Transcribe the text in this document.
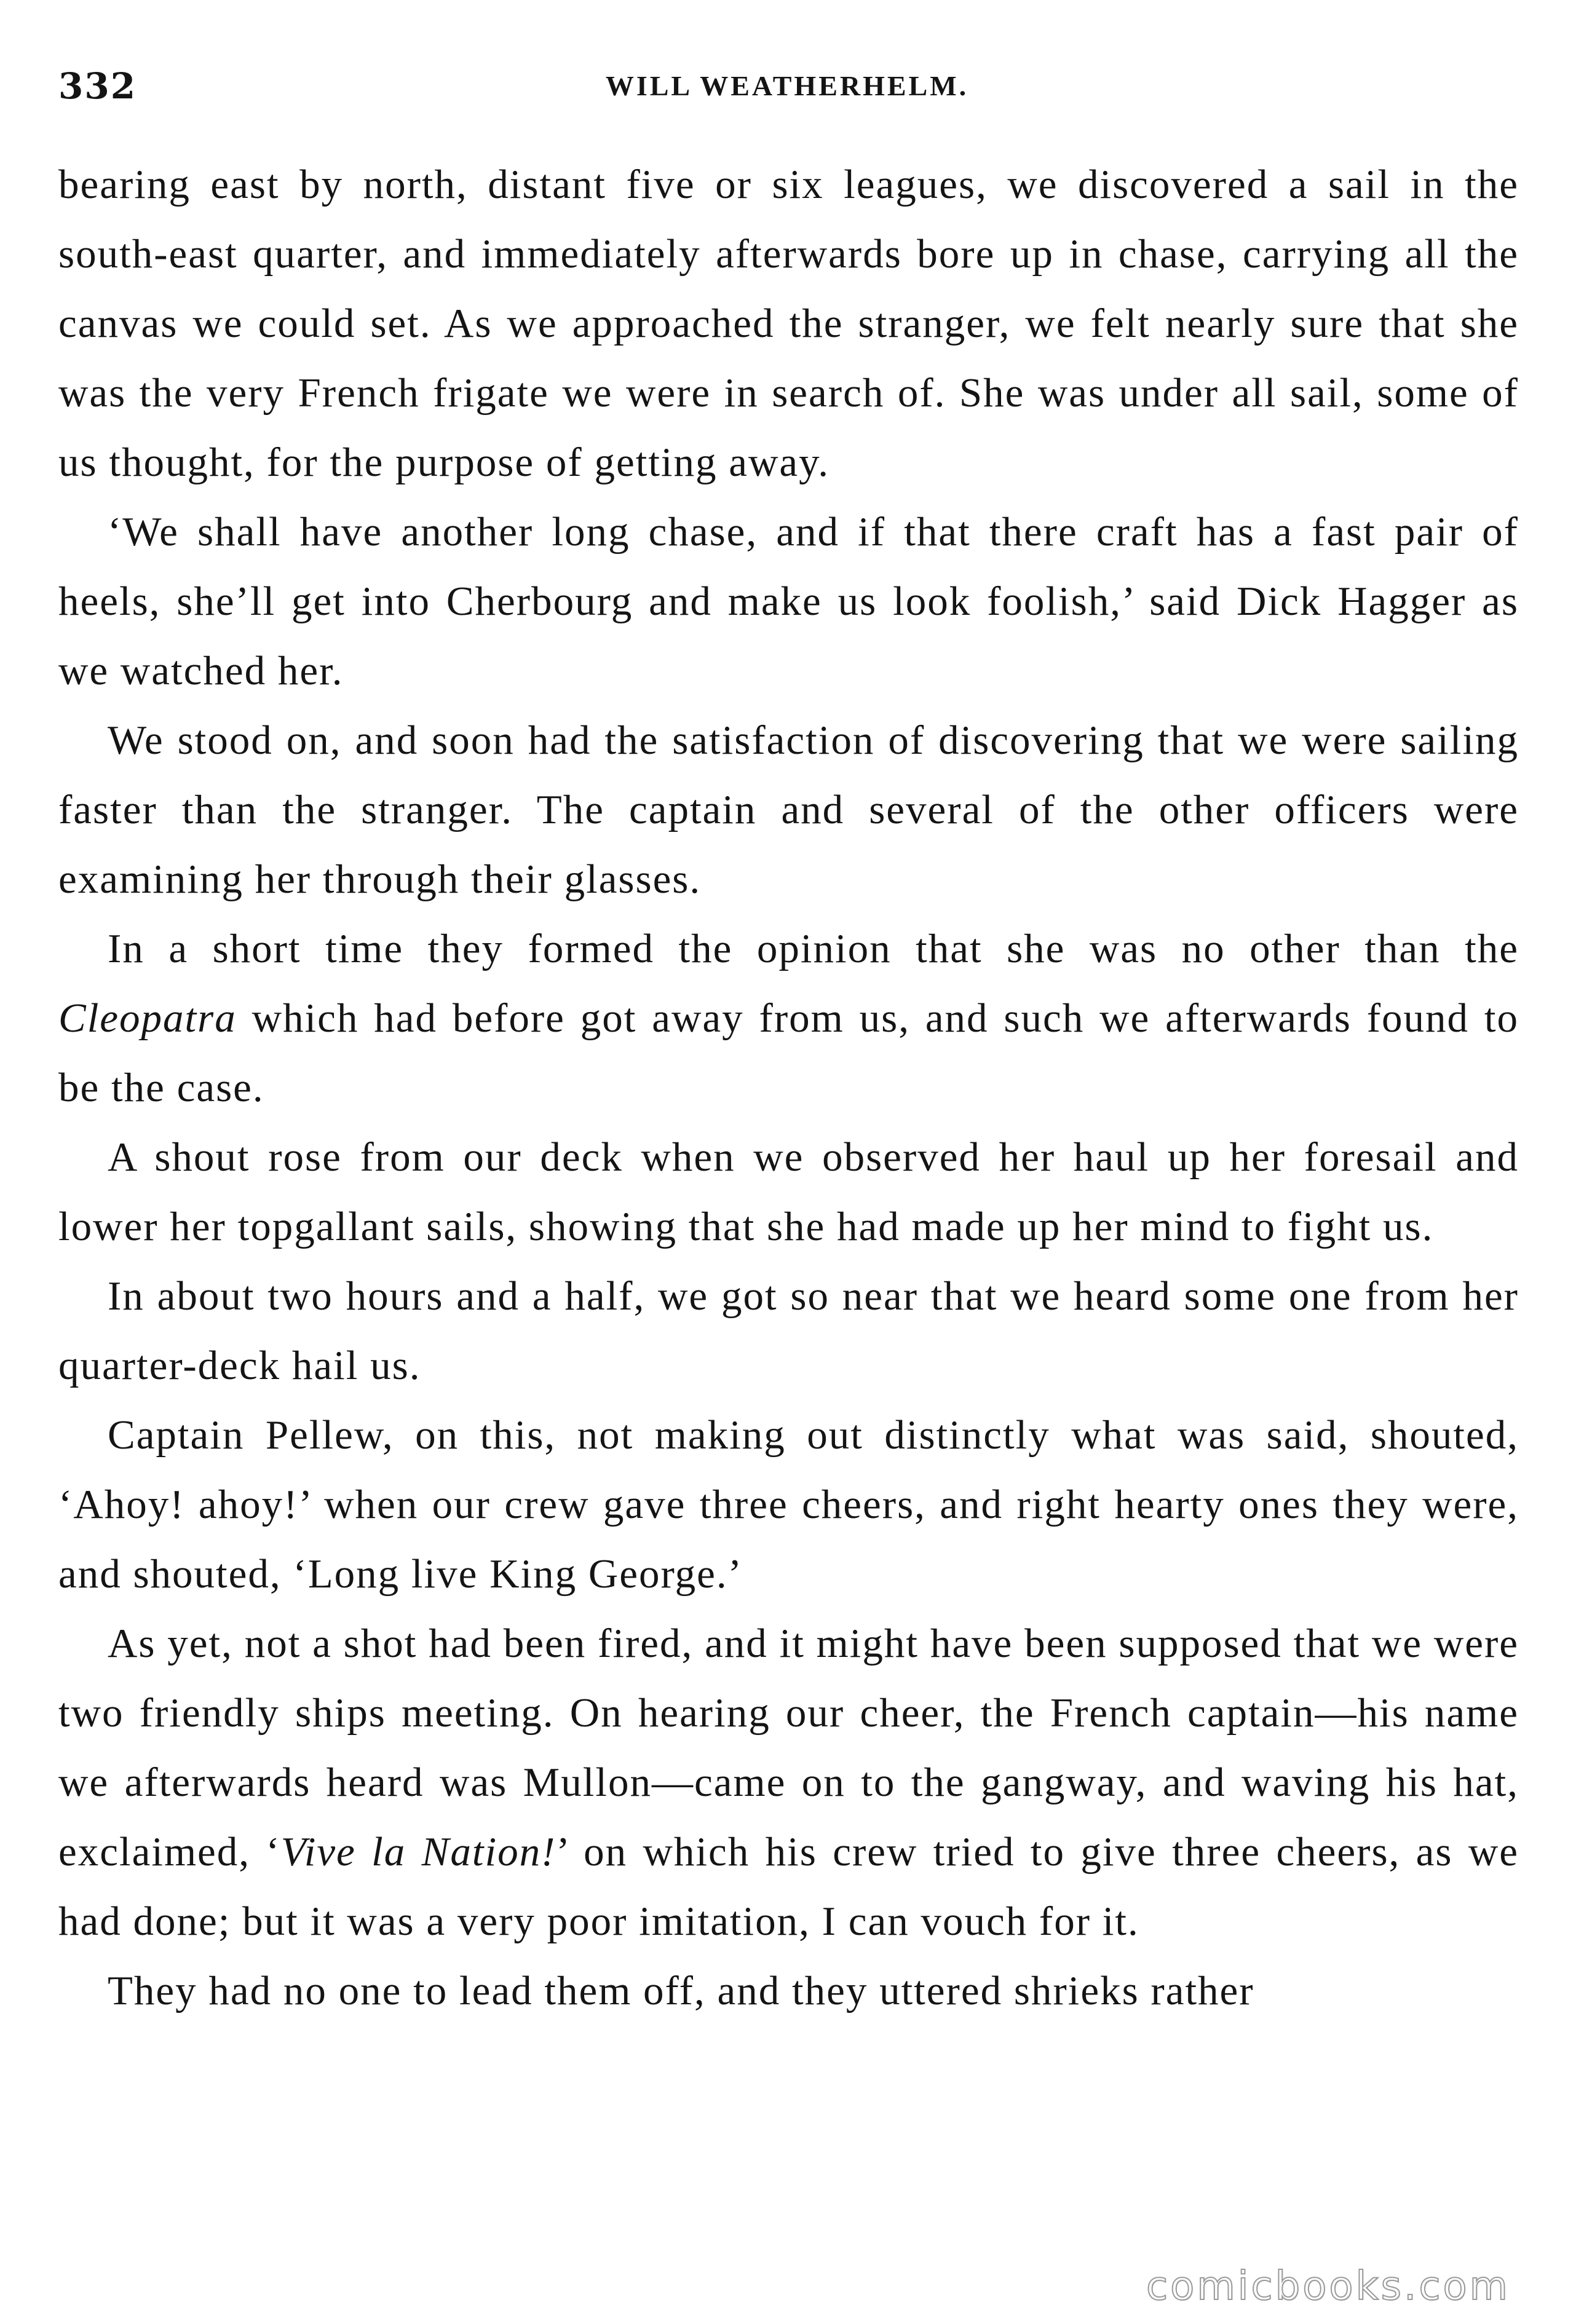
332	WILL WEATHERHELM.

bearing east by north, distant five or six leagues, we discovered a sail in the south-east quarter, and immediately afterwards bore up in chase, carrying all the canvas we could set. As we approached the stranger, we felt nearly sure that she was the very French frigate we were in search of. She was under all sail, some of us thought, for the purpose of getting away.

‘We shall have another long chase, and if that there craft has a fast pair of heels, she’ll get into Cherbourg and make us look foolish,’ said Dick Hagger as we watched her.

We stood on, and soon had the satisfaction of discovering that we were sailing faster than the stranger. The captain and several of the other officers were examining her through their glasses.

In a short time they formed the opinion that she was no other than the Cleopatra which had before got away from us, and such we afterwards found to be the case.

A shout rose from our deck when we observed her haul up her foresail and lower her topgallant sails, showing that she had made up her mind to fight us.

In about two hours and a half, we got so near that we heard some one from her quarter-deck hail us.

Captain Pellew, on this, not making out distinctly what was said, shouted, ‘Ahoy! ahoy!’ when our crew gave three cheers, and right hearty ones they were, and shouted, ‘Long live King George.’

As yet, not a shot had been fired, and it might have been supposed that we were two friendly ships meeting. On hearing our cheer, the French captain—his name we afterwards heard was Mullon—came on to the gangway, and waving his hat, exclaimed, ‘Vive la Nation!’ on which his crew tried to give three cheers, as we had done; but it was a very poor imitation, I can vouch for it.

They had no one to lead them off, and they uttered shrieks rather

comicbooks.com
